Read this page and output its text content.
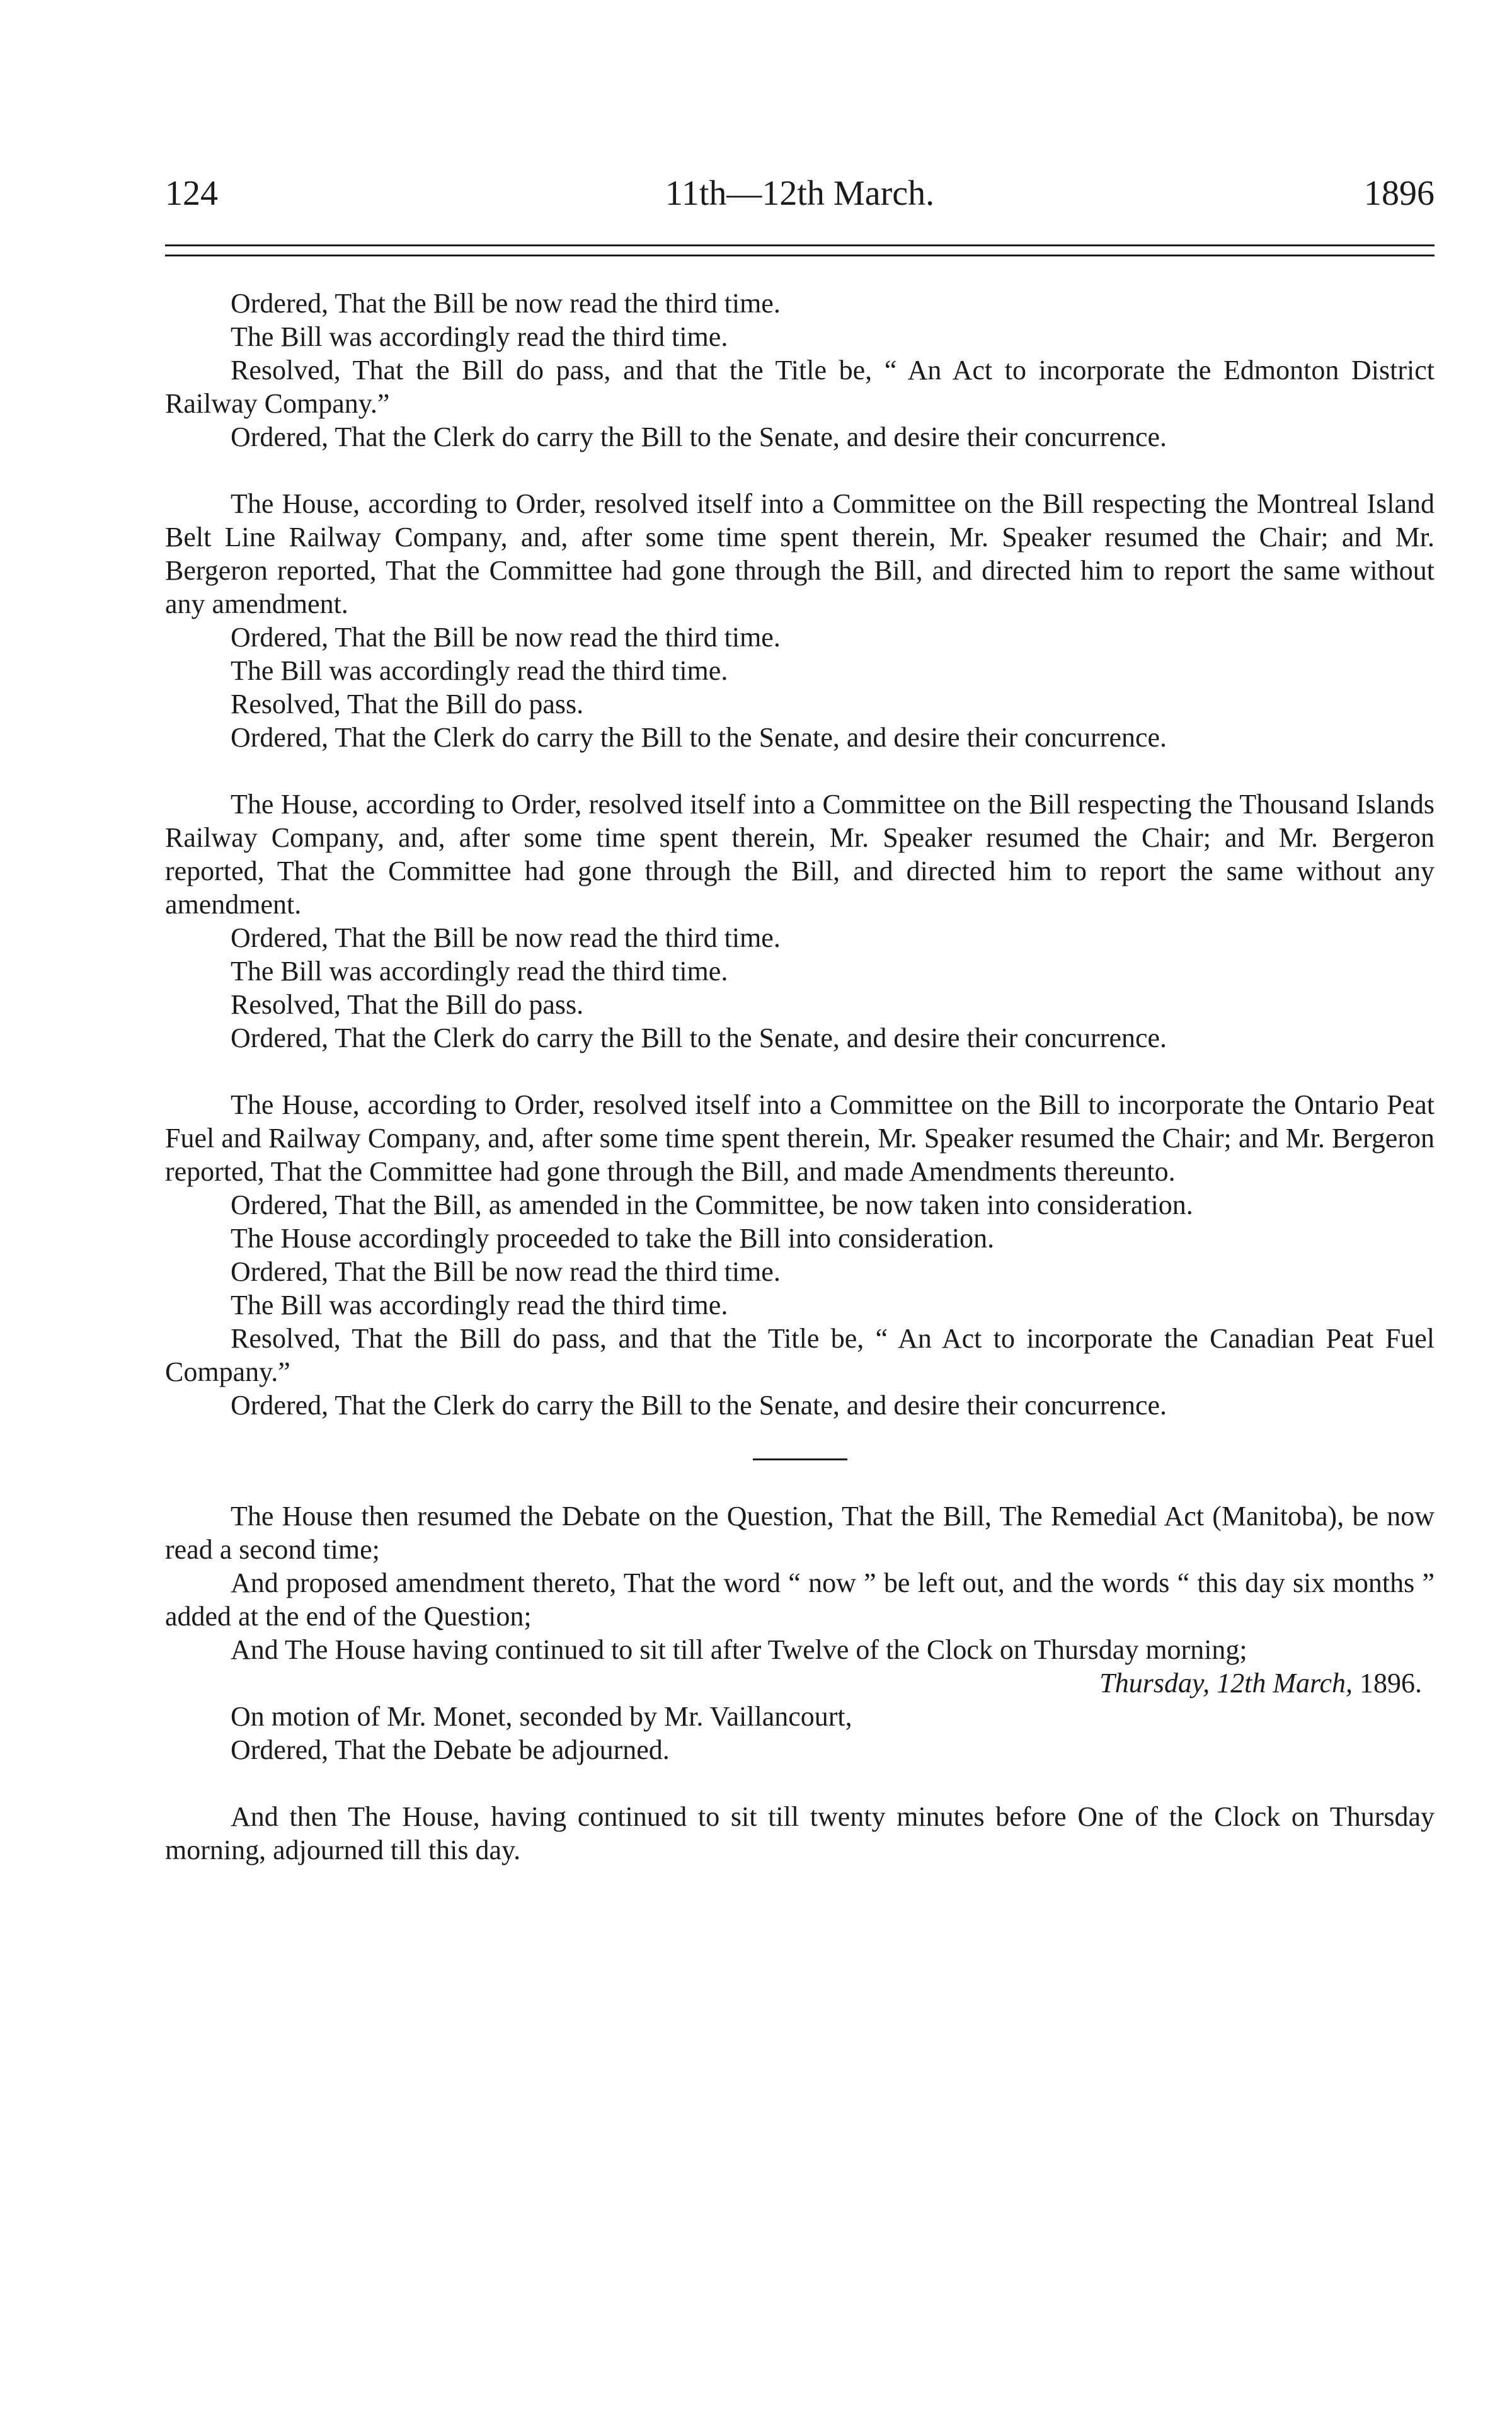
124	11th—12th March.	1896

Ordered, That the Bill be now read the third time.

The Bill was accordingly read the third time.

Resolved, That the Bill do pass, and that the Title be, “ An Act to incorporate the Edmonton District Railway Company.”

Ordered, That the Clerk do carry the Bill to the Senate, and desire their concurrence.

The House, according to Order, resolved itself into a Committee on the Bill respecting the Montreal Island Belt Line Railway Company, and, after some time spent therein, Mr. Speaker resumed the Chair; and Mr. Bergeron reported, That the Committee had gone through the Bill, and directed him to report the same without any amendment.

Ordered, That the Bill be now read the third time.

The Bill was accordingly read the third time.

Resolved, That the Bill do pass.

Ordered, That the Clerk do carry the Bill to the Senate, and desire their concurrence.

The House, according to Order, resolved itself into a Committee on the Bill respecting the Thousand Islands Railway Company, and, after some time spent therein, Mr. Speaker resumed the Chair; and Mr. Bergeron reported, That the Committee had gone through the Bill, and directed him to report the same without any amendment.

Ordered, That the Bill be now read the third time.

The Bill was accordingly read the third time.

Resolved, That the Bill do pass.

Ordered, That the Clerk do carry the Bill to the Senate, and desire their concurrence.

The House, according to Order, resolved itself into a Committee on the Bill to incorporate the Ontario Peat Fuel and Railway Company, and, after some time spent therein, Mr. Speaker resumed the Chair; and Mr. Bergeron reported, That the Committee had gone through the Bill, and made Amendments thereunto.

Ordered, That the Bill, as amended in the Committee, be now taken into consideration.

The House accordingly proceeded to take the Bill into consideration.

Ordered, That the Bill be now read the third time.

The Bill was accordingly read the third time.

Resolved, That the Bill do pass, and that the Title be, “ An Act to incorporate the Canadian Peat Fuel Company.”

Ordered, That the Clerk do carry the Bill to the Senate, and desire their concurrence.

The House then resumed the Debate on the Question, That the Bill, The Remedial Act (Manitoba), be now read a second time;

And proposed amendment thereto, That the word “ now ” be left out, and the words “ this day six months ” added at the end of the Question;

And The House having continued to sit till after Twelve of the Clock on Thursday morning;

Thursday, 12th March, 1896.

On motion of Mr. Monet, seconded by Mr. Vaillancourt,

Ordered, That the Debate be adjourned.

And then The House, having continued to sit till twenty minutes before One of the Clock on Thursday morning, adjourned till this day.
